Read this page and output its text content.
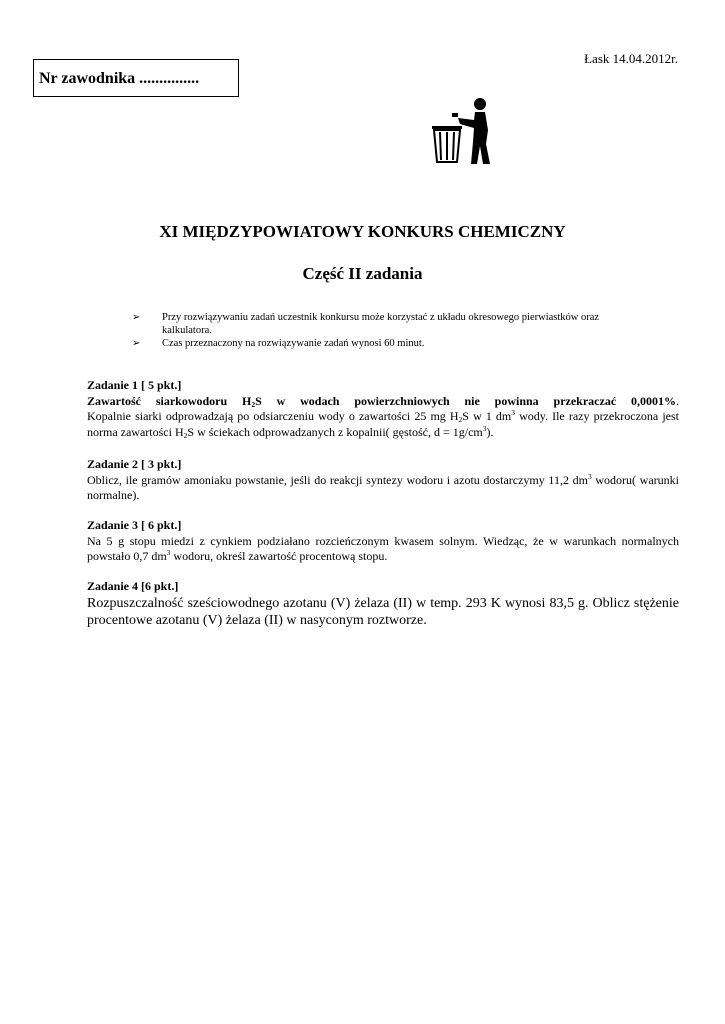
Łask 14.04.2012r.
Nr zawodnika ...............
XI MIĘDZYPOWIATOWY KONKURS CHEMICZNY
Część II zadania
➢ Przy rozwiązywaniu zadań uczestnik konkursu może korzystać z układu okresowego pierwiastków oraz kalkulatora.
➢ Czas przeznaczony na rozwiązywanie zadań wynosi 60 minut.
Zadanie 1 [ 5 pkt.]
Zawartość siarkowodoru $H_2S$ w wodach powierzchniowych nie powinna przekraczać 0,0001%.
Kopalnie siarki odprowadzają po odsiarczeniu wody o zawartości 25 mg $H_2S$ w 1 $dm^3$ wody. Ile razy przekroczona jest norma zawartości $H_2S$ w ściekach odprowadzanych z kopalnii( gęstość, $d = 1g/cm^3$).
Zadanie 2 [ 3 pkt.]
Oblicz, ile gramów amoniaku powstanie, jeśli do reakcji syntezy wodoru i azotu dostarczymy 11,2 $dm^3$ wodoru( warunki normalne).
Zadanie 3 [ 6 pkt.]
Na 5 g stopu miedzi z cynkiem podziałano rozcieńczonym kwasem solnym. Wiedząc, że w warunkach normalnych powstało 0,7 $dm^3$ wodoru, określ zawartość procentową stopu.
Zadanie 4 [6 pkt.]
Rozpuszczalność sześciowodnego azotanu (V) żelaza (II) w temp. 293 K wynosi 83,5 g. Oblicz stężenie procentowe azotanu (V) żelaza (II) w nasyconym roztworze.
